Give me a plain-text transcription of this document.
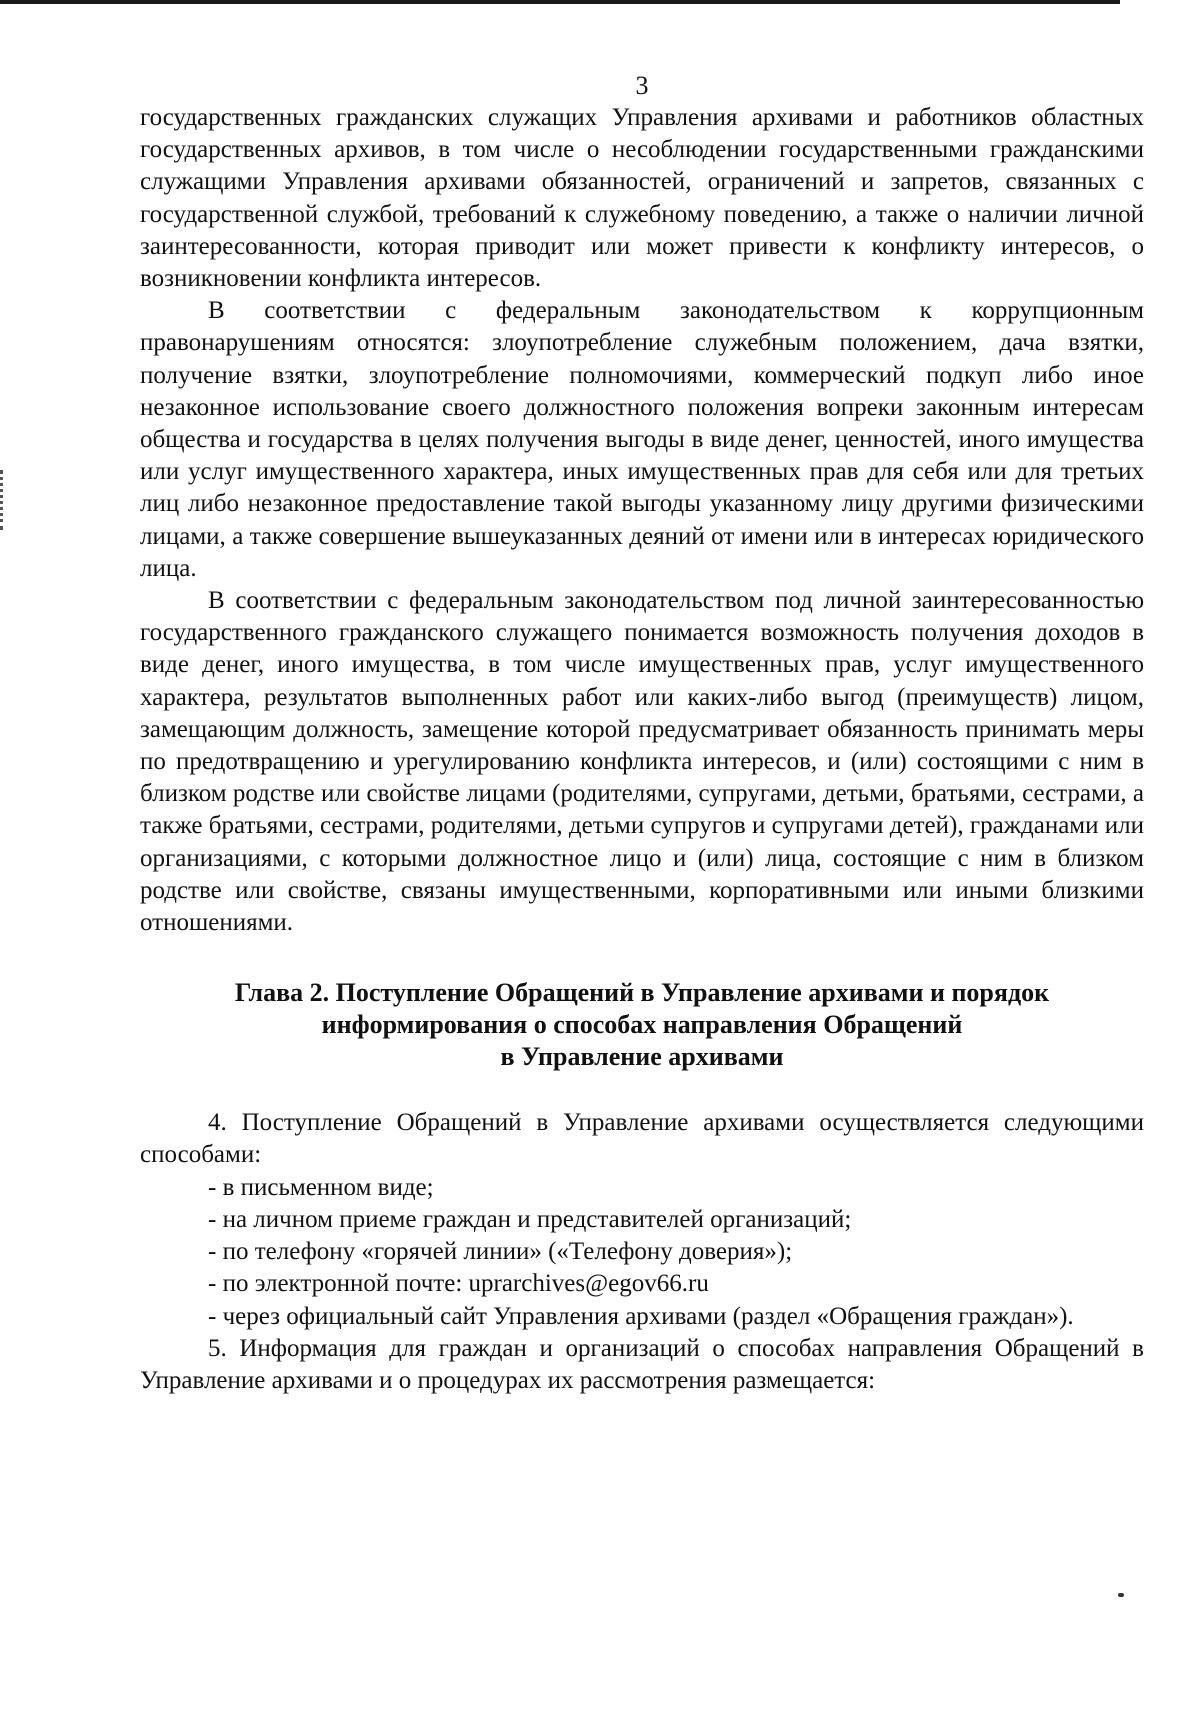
3

государственных гражданских служащих Управления архивами и работников областных государственных архивов, в том числе о несоблюдении государственными гражданскими служащими Управления архивами обязанностей, ограничений и запретов, связанных с государственной службой, требований к служебному поведению, а также о наличии личной заинтересованности, которая приводит или может привести к конфликту интересов, о возникновении конфликта интересов.

В соответствии с федеральным законодательством к коррупционным правонарушениям относятся: злоупотребление служебным положением, дача взятки, получение взятки, злоупотребление полномочиями, коммерческий подкуп либо иное незаконное использование своего должностного положения вопреки законным интересам общества и государства в целях получения выгоды в виде денег, ценностей, иного имущества или услуг имущественного характера, иных имущественных прав для себя или для третьих лиц либо незаконное предоставление такой выгоды указанному лицу другими физическими лицами, а также совершение вышеуказанных деяний от имени или в интересах юридического лица.

В соответствии с федеральным законодательством под личной заинтересованностью государственного гражданского служащего понимается возможность получения доходов в виде денег, иного имущества, в том числе имущественных прав, услуг имущественного характера, результатов выполненных работ или каких-либо выгод (преимуществ) лицом, замещающим должность, замещение которой предусматривает обязанность принимать меры по предотвращению и урегулированию конфликта интересов, и (или) состоящими с ним в близком родстве или свойстве лицами (родителями, супругами, детьми, братьями, сестрами, а также братьями, сестрами, родителями, детьми супругов и супругами детей), гражданами или организациями, с которыми должностное лицо и (или) лица, состоящие с ним в близком родстве или свойстве, связаны имущественными, корпоративными или иными близкими отношениями.

Глава 2. Поступление Обращений в Управление архивами и порядок
информирования о способах направления Обращений
в Управление архивами

4. Поступление Обращений в Управление архивами осуществляется следующими способами:

- в письменном виде;

- на личном приеме граждан и представителей организаций;

- по телефону «горячей линии» («Телефону доверия»);

- по электронной почте: uprarchives@egov66.ru

- через официальный сайт Управления архивами (раздел «Обращения граждан»).

5. Информация для граждан и организаций о способах направления Обращений в Управление архивами и о процедурах их рассмотрения размещается:
